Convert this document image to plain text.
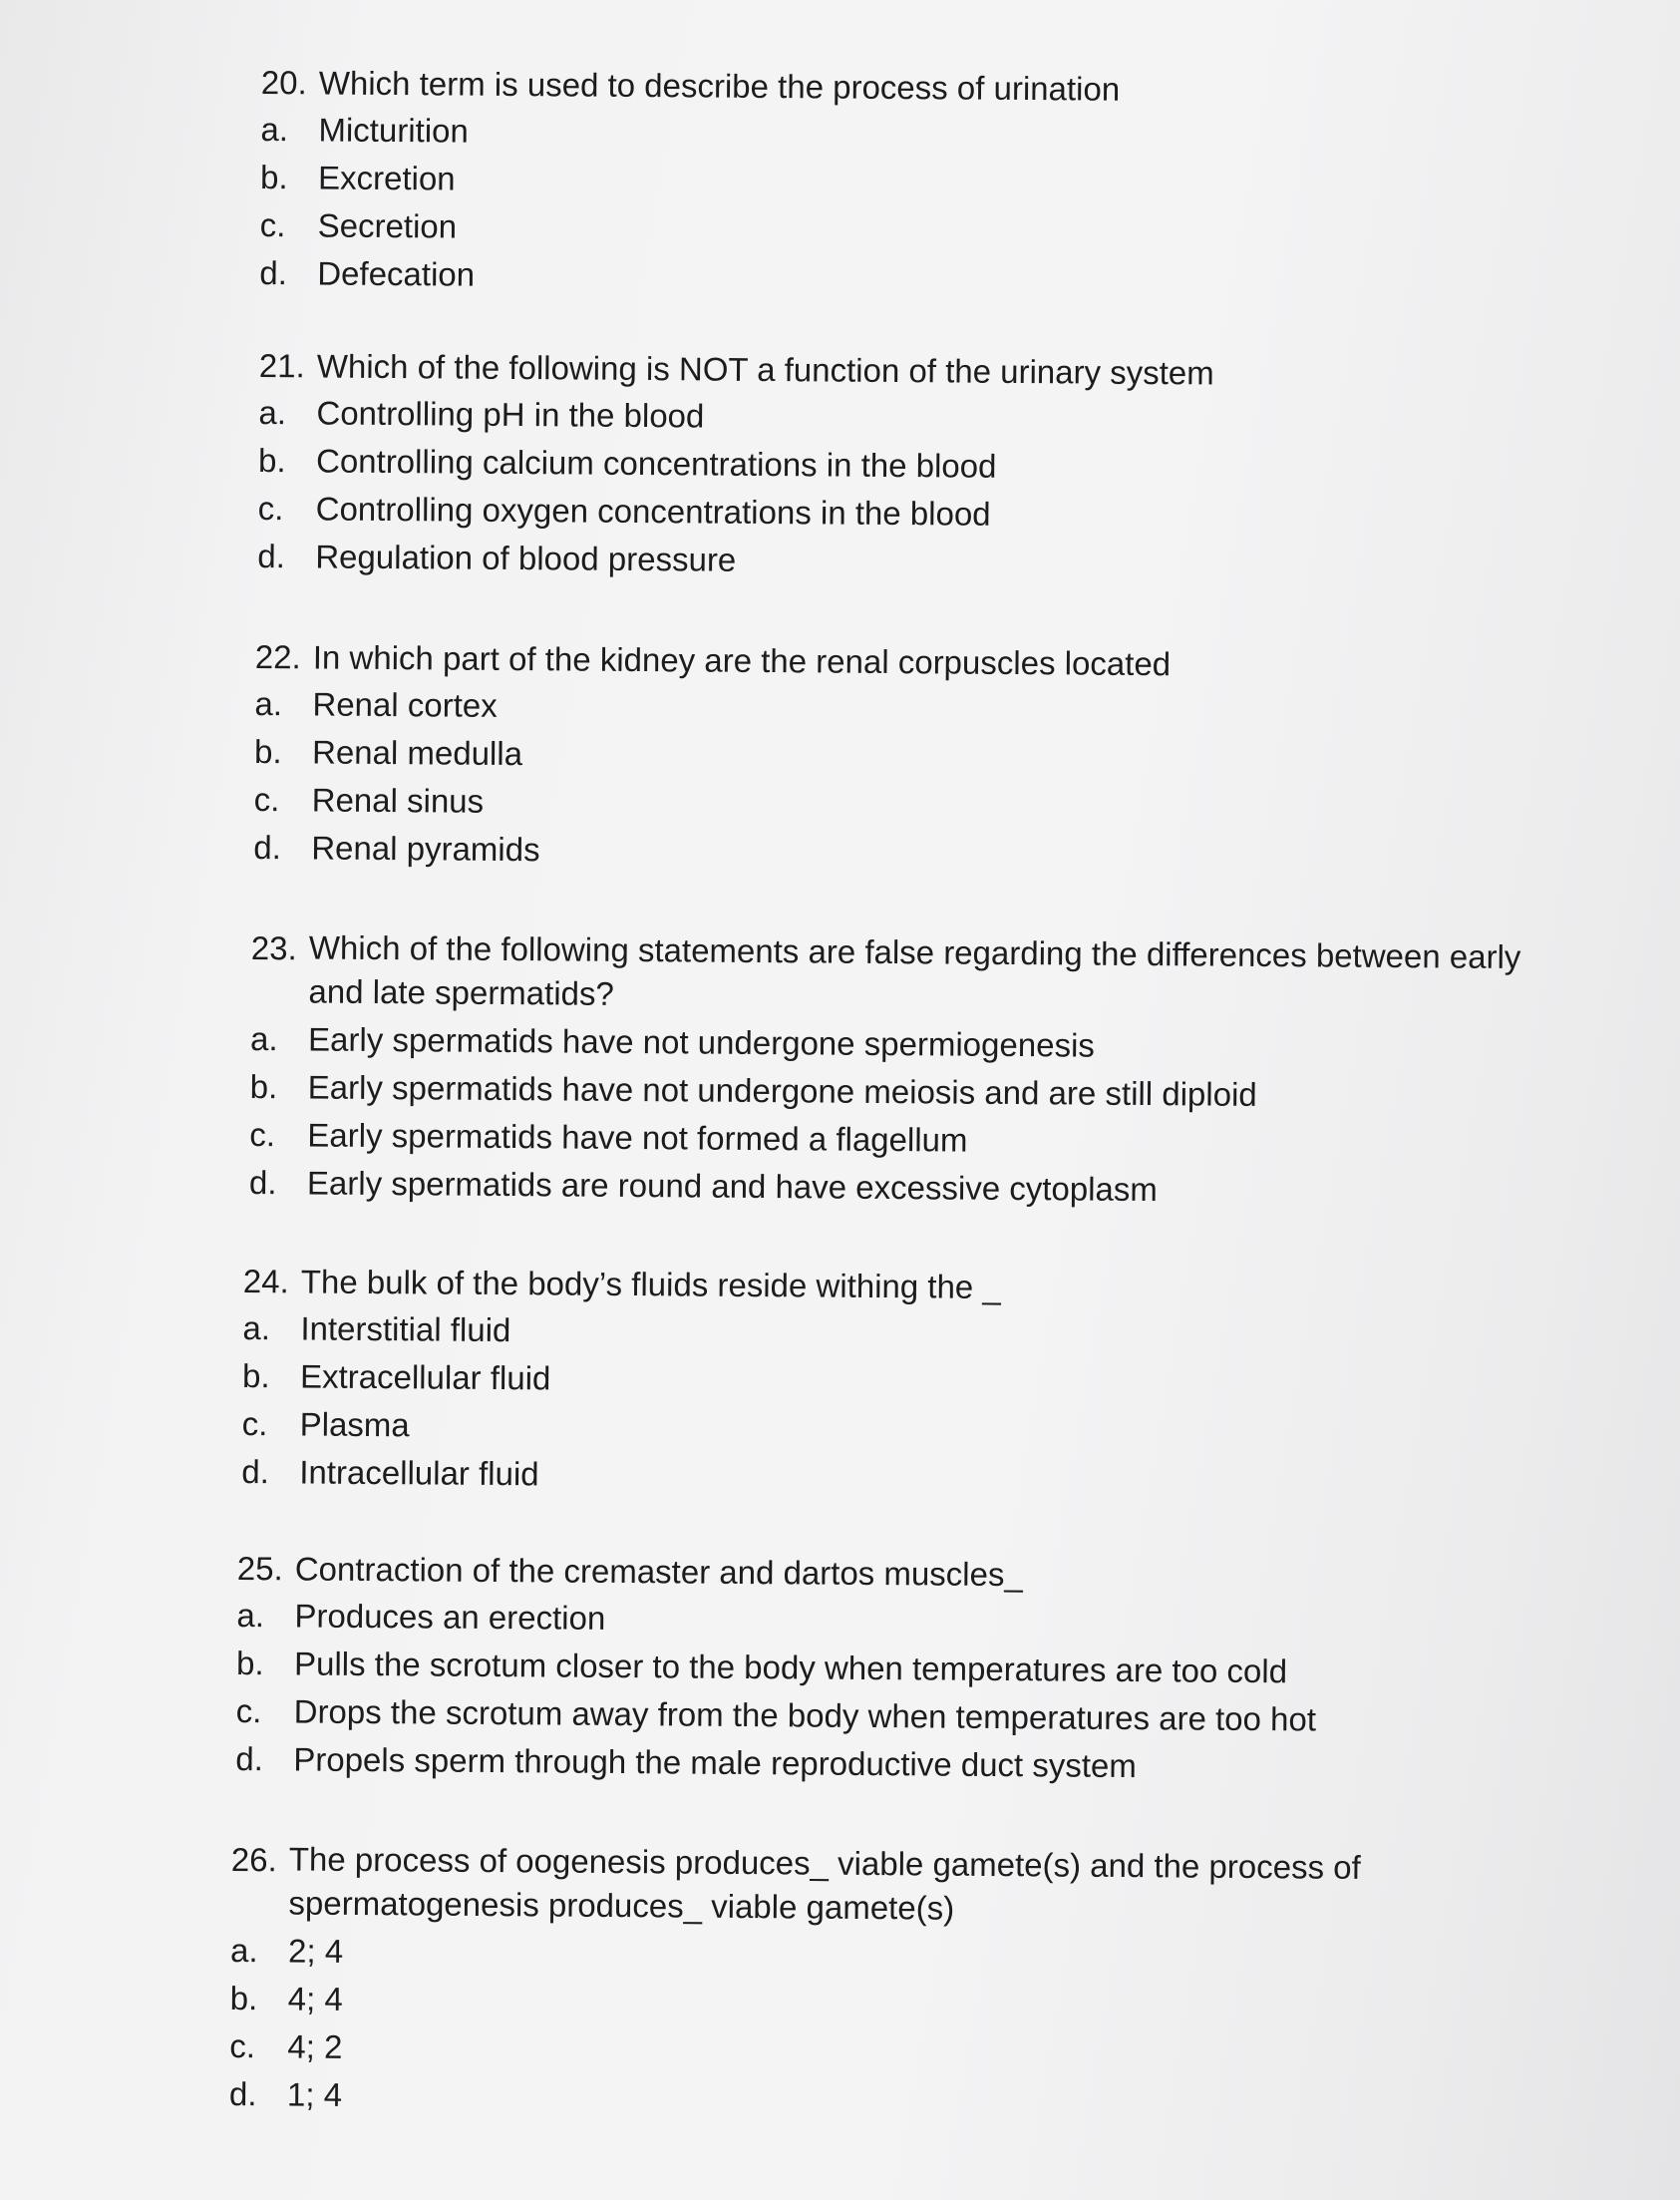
20. Which term is used to describe the process of urination
a. Micturition
b. Excretion
c. Secretion
d. Defecation
21. Which of the following is NOT a function of the urinary system
a. Controlling pH in the blood
b. Controlling calcium concentrations in the blood
c. Controlling oxygen concentrations in the blood
d. Regulation of blood pressure
22. In which part of the kidney are the renal corpuscles located
a. Renal cortex
b. Renal medulla
c. Renal sinus
d. Renal pyramids
23. Which of the following statements are false regarding the differences between early and late spermatids?
a. Early spermatids have not undergone spermiogenesis
b. Early spermatids have not undergone meiosis and are still diploid
c. Early spermatids have not formed a flagellum
d. Early spermatids are round and have excessive cytoplasm
24. The bulk of the body’s fluids reside withing the _
a. Interstitial fluid
b. Extracellular fluid
c. Plasma
d. Intracellular fluid
25. Contraction of the cremaster and dartos muscles_
a. Produces an erection
b. Pulls the scrotum closer to the body when temperatures are too cold
c. Drops the scrotum away from the body when temperatures are too hot
d. Propels sperm through the male reproductive duct system
26. The process of oogenesis produces_ viable gamete(s) and the process of spermatogenesis produces_ viable gamete(s)
a. 2; 4
b. 4; 4
c. 4; 2
d. 1; 4
